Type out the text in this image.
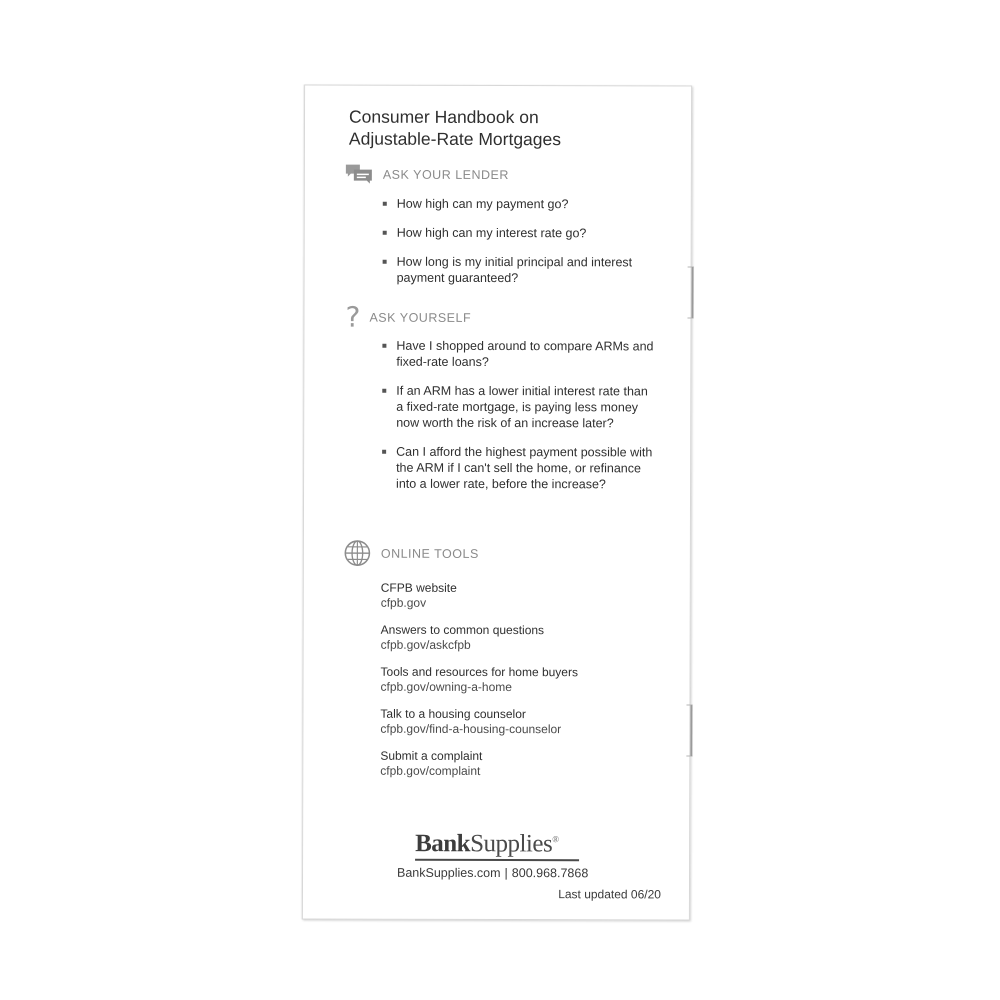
Consumer Handbook on
Adjustable-Rate Mortgages
ASK YOUR LENDER
How high can my payment go?
How high can my interest rate go?
How long is my initial principal and interest payment guaranteed?
? ASK YOURSELF
Have I shopped around to compare ARMs and fixed-rate loans?
If an ARM has a lower initial interest rate than a fixed-rate mortgage, is paying less money now worth the risk of an increase later?
Can I afford the highest payment possible with the ARM if I can't sell the home, or refinance into a lower rate, before the increase?
ONLINE TOOLS
CFPB website
cfpb.gov
Answers to common questions
cfpb.gov/askcfpb
Tools and resources for home buyers
cfpb.gov/owning-a-home
Talk to a housing counselor
cfpb.gov/find-a-housing-counselor
Submit a complaint
cfpb.gov/complaint
BankSupplies®
BankSupplies.com | 800.968.7868
Last updated 06/20
